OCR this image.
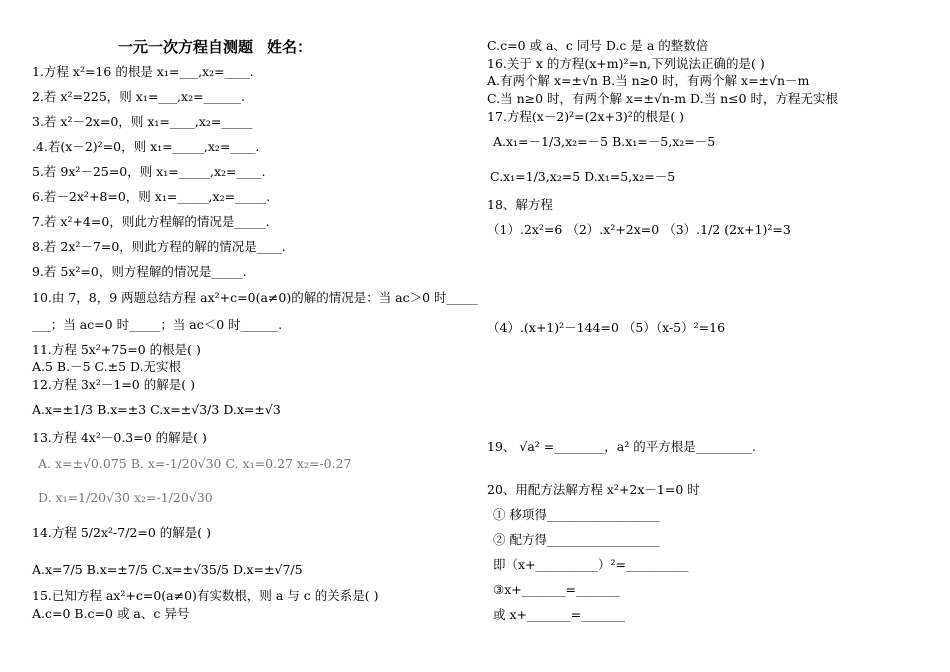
一元一次方程自测题 姓名：
1.方程 x²=16 的根是 x₁=___,x₂=____.
2.若 x²=225，则 x₁=___,x₂=______.
3.若 x²－2x=0，则 x₁=____,x₂=_____
.4.若(x－2)²=0，则 x₁=_____,x₂=____.
5.若 9x²－25=0，则 x₁=_____,x₂=____.
6.若－2x²+8=0，则 x₁=_____,x₂=_____.
7.若 x²+4=0，则此方程解的情况是_____.
8.若 2x²－7=0，则此方程的解的情况是____.
9.若 5x²=0，则方程解的情况是_____.
10.由 7，8，9 两题总结方程 ax²+c=0(a≠0)的解的情况是：当 ac＞0 时_____
___；当 ac=0 时_____；当 ac＜0 时______.
11.方程 5x²+75=0 的根是( )
A.5 B.－5 C.±5 D.无实根
12.方程 3x²－1=0 的解是( )
A.x=±1/3 B.x=±3 C.x=±√3/3 D.x=±√3
13.方程 4x²－0.3=0 的解是( )
A. x=±√0.075 B. x=-1/20√30 C. x₁=0.27 x₂=-0.27
D. x₁=1/20√30 x₂=-1/20√30
14.方程 5/2x²-7/2=0 的解是( )
A.x=7/5 B.x=±7/5 C.x=±√35/5 D.x=±√7/5
15.已知方程 ax²+c=0(a≠0)有实数根，则 a 与 c 的关系是( )
A.c=0 B.c=0 或 a、c 异号
C.c=0 或 a、c 同号 D.c 是 a 的整数倍
16.关于 x 的方程(x+m)²=n,下列说法正确的是( )
A.有两个解 x=±√n B.当 n≥0 时，有两个解 x=±√n－m
C.当 n≥0 时，有两个解 x=±√n-m D.当 n≤0 时，方程无实根
17.方程(x－2)²=(2x+3)²的根是( )
A.x₁=－1/3,x₂=－5 B.x₁=－5,x₂=－5
C.x₁=1/3,x₂=5 D.x₁=5,x₂=－5
18、解方程
（1）.2x²=6 （2）.x²+2x=0 （3）.1/2 (2x+1)²=3
（4）.(x+1)²－144=0 （5）（x-5）²=16
19、 √a² =________，a² 的平方根是_________.
20、用配方法解方程 x²+2x－1=0 时
① 移项得__________________
② 配方得__________________
即（x+__________）²=__________
③x+_______=_______
或 x+_______=_______
